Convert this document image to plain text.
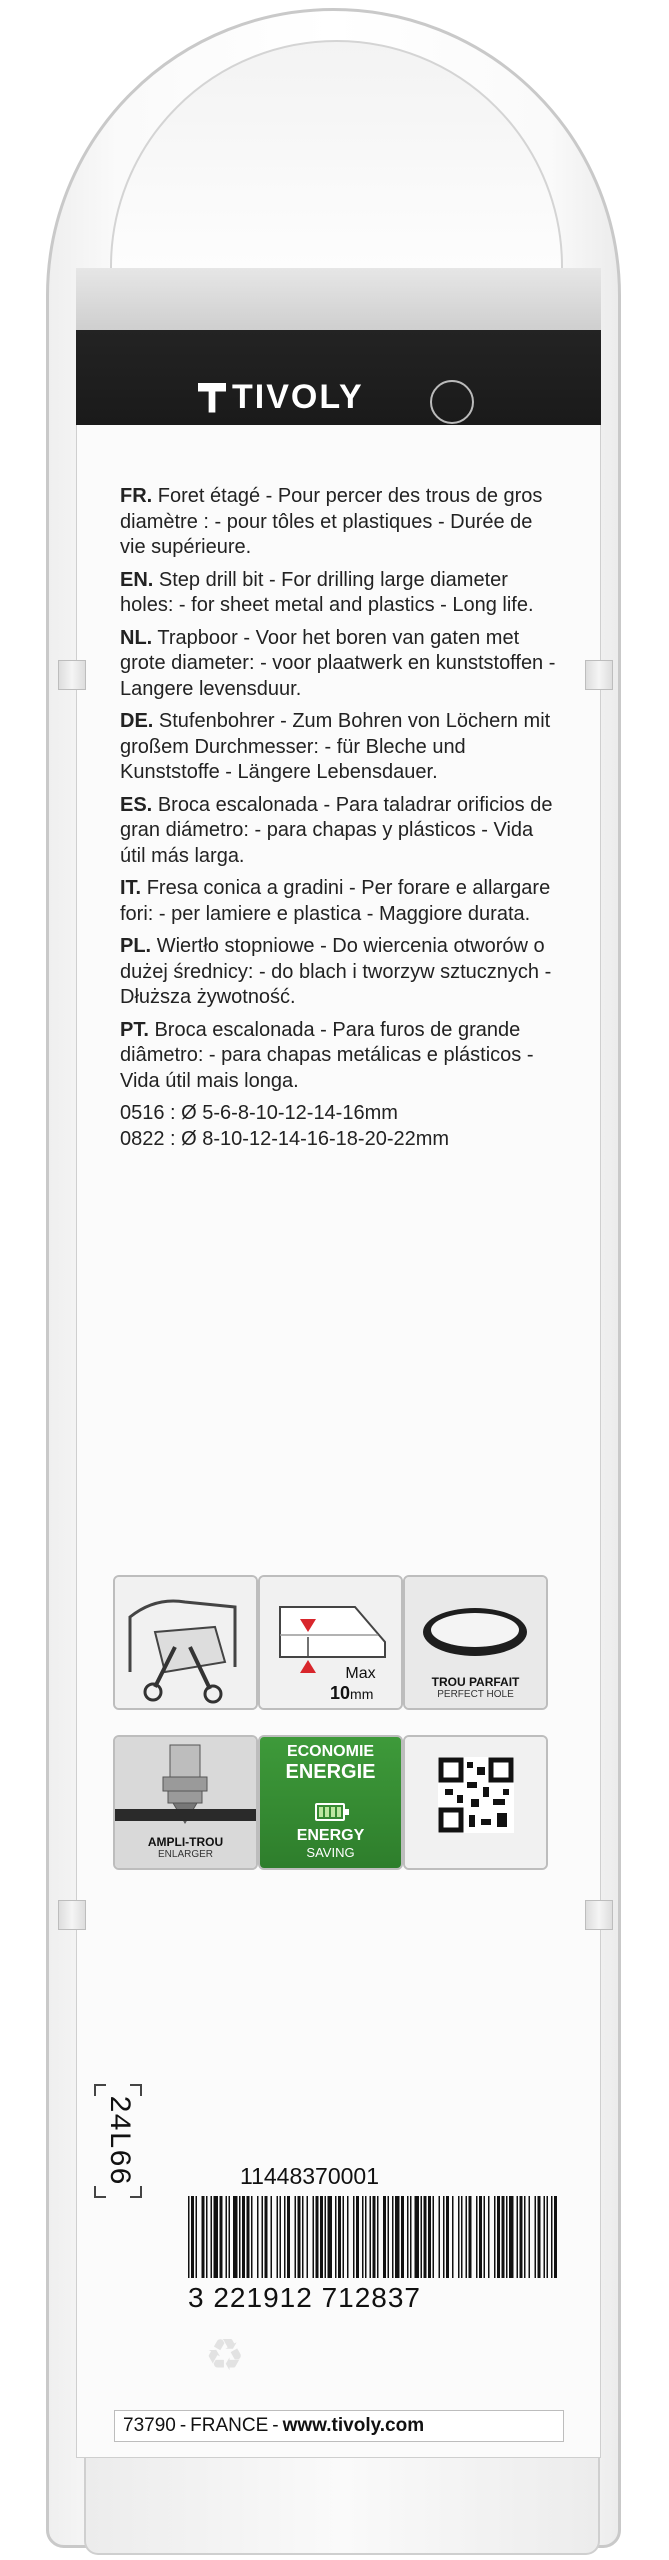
TIVOLY

FR. Foret étagé - Pour percer des trous de gros diamètre : - pour tôles et plastiques - Durée de vie supérieure.

EN. Step drill bit - For drilling large diameter holes: - for sheet metal and plastics - Long life.

NL. Trapboor - Voor het boren van gaten met grote diameter: - voor plaatwerk en kunststoffen - Langere levensduur.

DE. Stufenbohrer - Zum Bohren von Löchern mit großem Durchmesser: - für Bleche und Kunststoffe - Längere Lebensdauer.

ES. Broca escalonada - Para taladrar orificios de gran diámetro: - para chapas y plásticos - Vida útil más larga.

IT. Fresa conica a gradini - Per forare e allargare fori: - per lamiere e plastica - Maggiore durata.

PL. Wiertło stopniowe - Do wiercenia otworów o dużej średnicy: - do blach i tworzyw sztucznych - Dłuższa żywotność.

PT. Broca escalonada - Para furos de grande diâmetro: - para chapas metálicas e plásticos - Vida útil mais longa.

0516 : Ø 5-6-8-10-12-14-16mm
0822 : Ø 8-10-12-14-16-18-20-22mm
Max
10mm
TROU PARFAIT
PERFECT HOLE
AMPLI-TROU
ENLARGER
ECONOMIE
ENERGIE
ENERGY
SAVING
24L66	11448370001
3 221912 712837
♻
73790 - FRANCE - www.tivoly.com
